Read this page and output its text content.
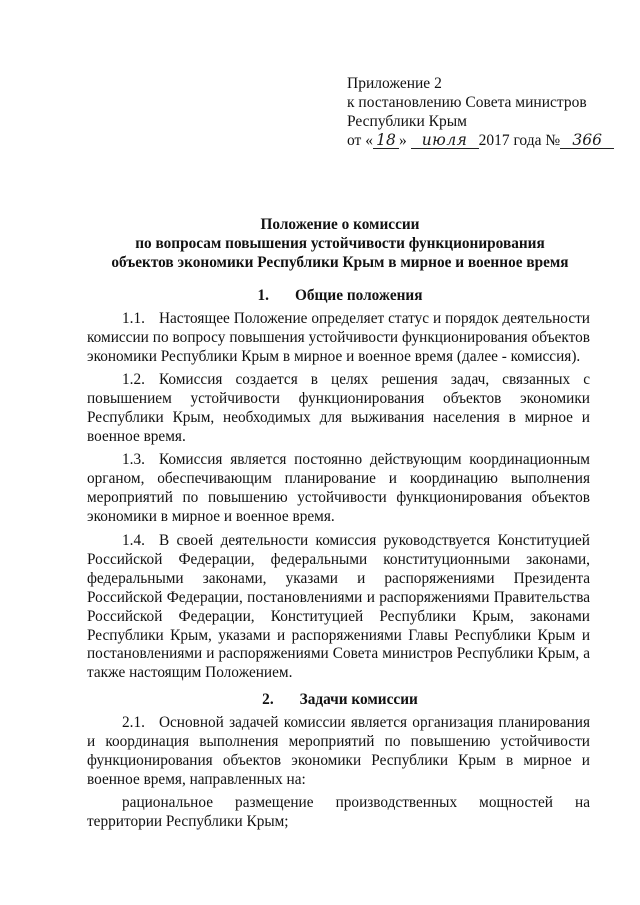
Приложение 2
к постановлению Совета министров
Республики Крым
от « 18 » июля 2017 года № 366
Положение о комиссии
по вопросам повышения устойчивости функционирования
объектов экономики Республики Крым в мирное и военное время
1. Общие положения

1.1. Настоящее Положение определяет статус и порядок деятельности комиссии по вопросу повышения устойчивости функционирования объектов экономики Республики Крым в мирное и военное время (далее - комиссия).

1.2. Комиссия создается в целях решения задач, связанных с повышением устойчивости функционирования объектов экономики Республики Крым, необходимых для выживания населения в мирное и военное время.

1.3. Комиссия является постоянно действующим координационным органом, обеспечивающим планирование и координацию выполнения мероприятий по повышению устойчивости функционирования объектов экономики в мирное и военное время.

1.4. В своей деятельности комиссия руководствуется Конституцией Российской Федерации, федеральными конституционными законами, федеральными законами, указами и распоряжениями Президента Российской Федерации, постановлениями и распоряжениями Правительства Российской Федерации, Конституцией Республики Крым, законами Республики Крым, указами и распоряжениями Главы Республики Крым и постановлениями и распоряжениями Совета министров Республики Крым, а также настоящим Положением.

2. Задачи комиссии

2.1. Основной задачей комиссии является организация планирования и координация выполнения мероприятий по повышению устойчивости функционирования объектов экономики Республики Крым в мирное и военное время, направленных на:

рациональное размещение производственных мощностей на территории Республики Крым;
